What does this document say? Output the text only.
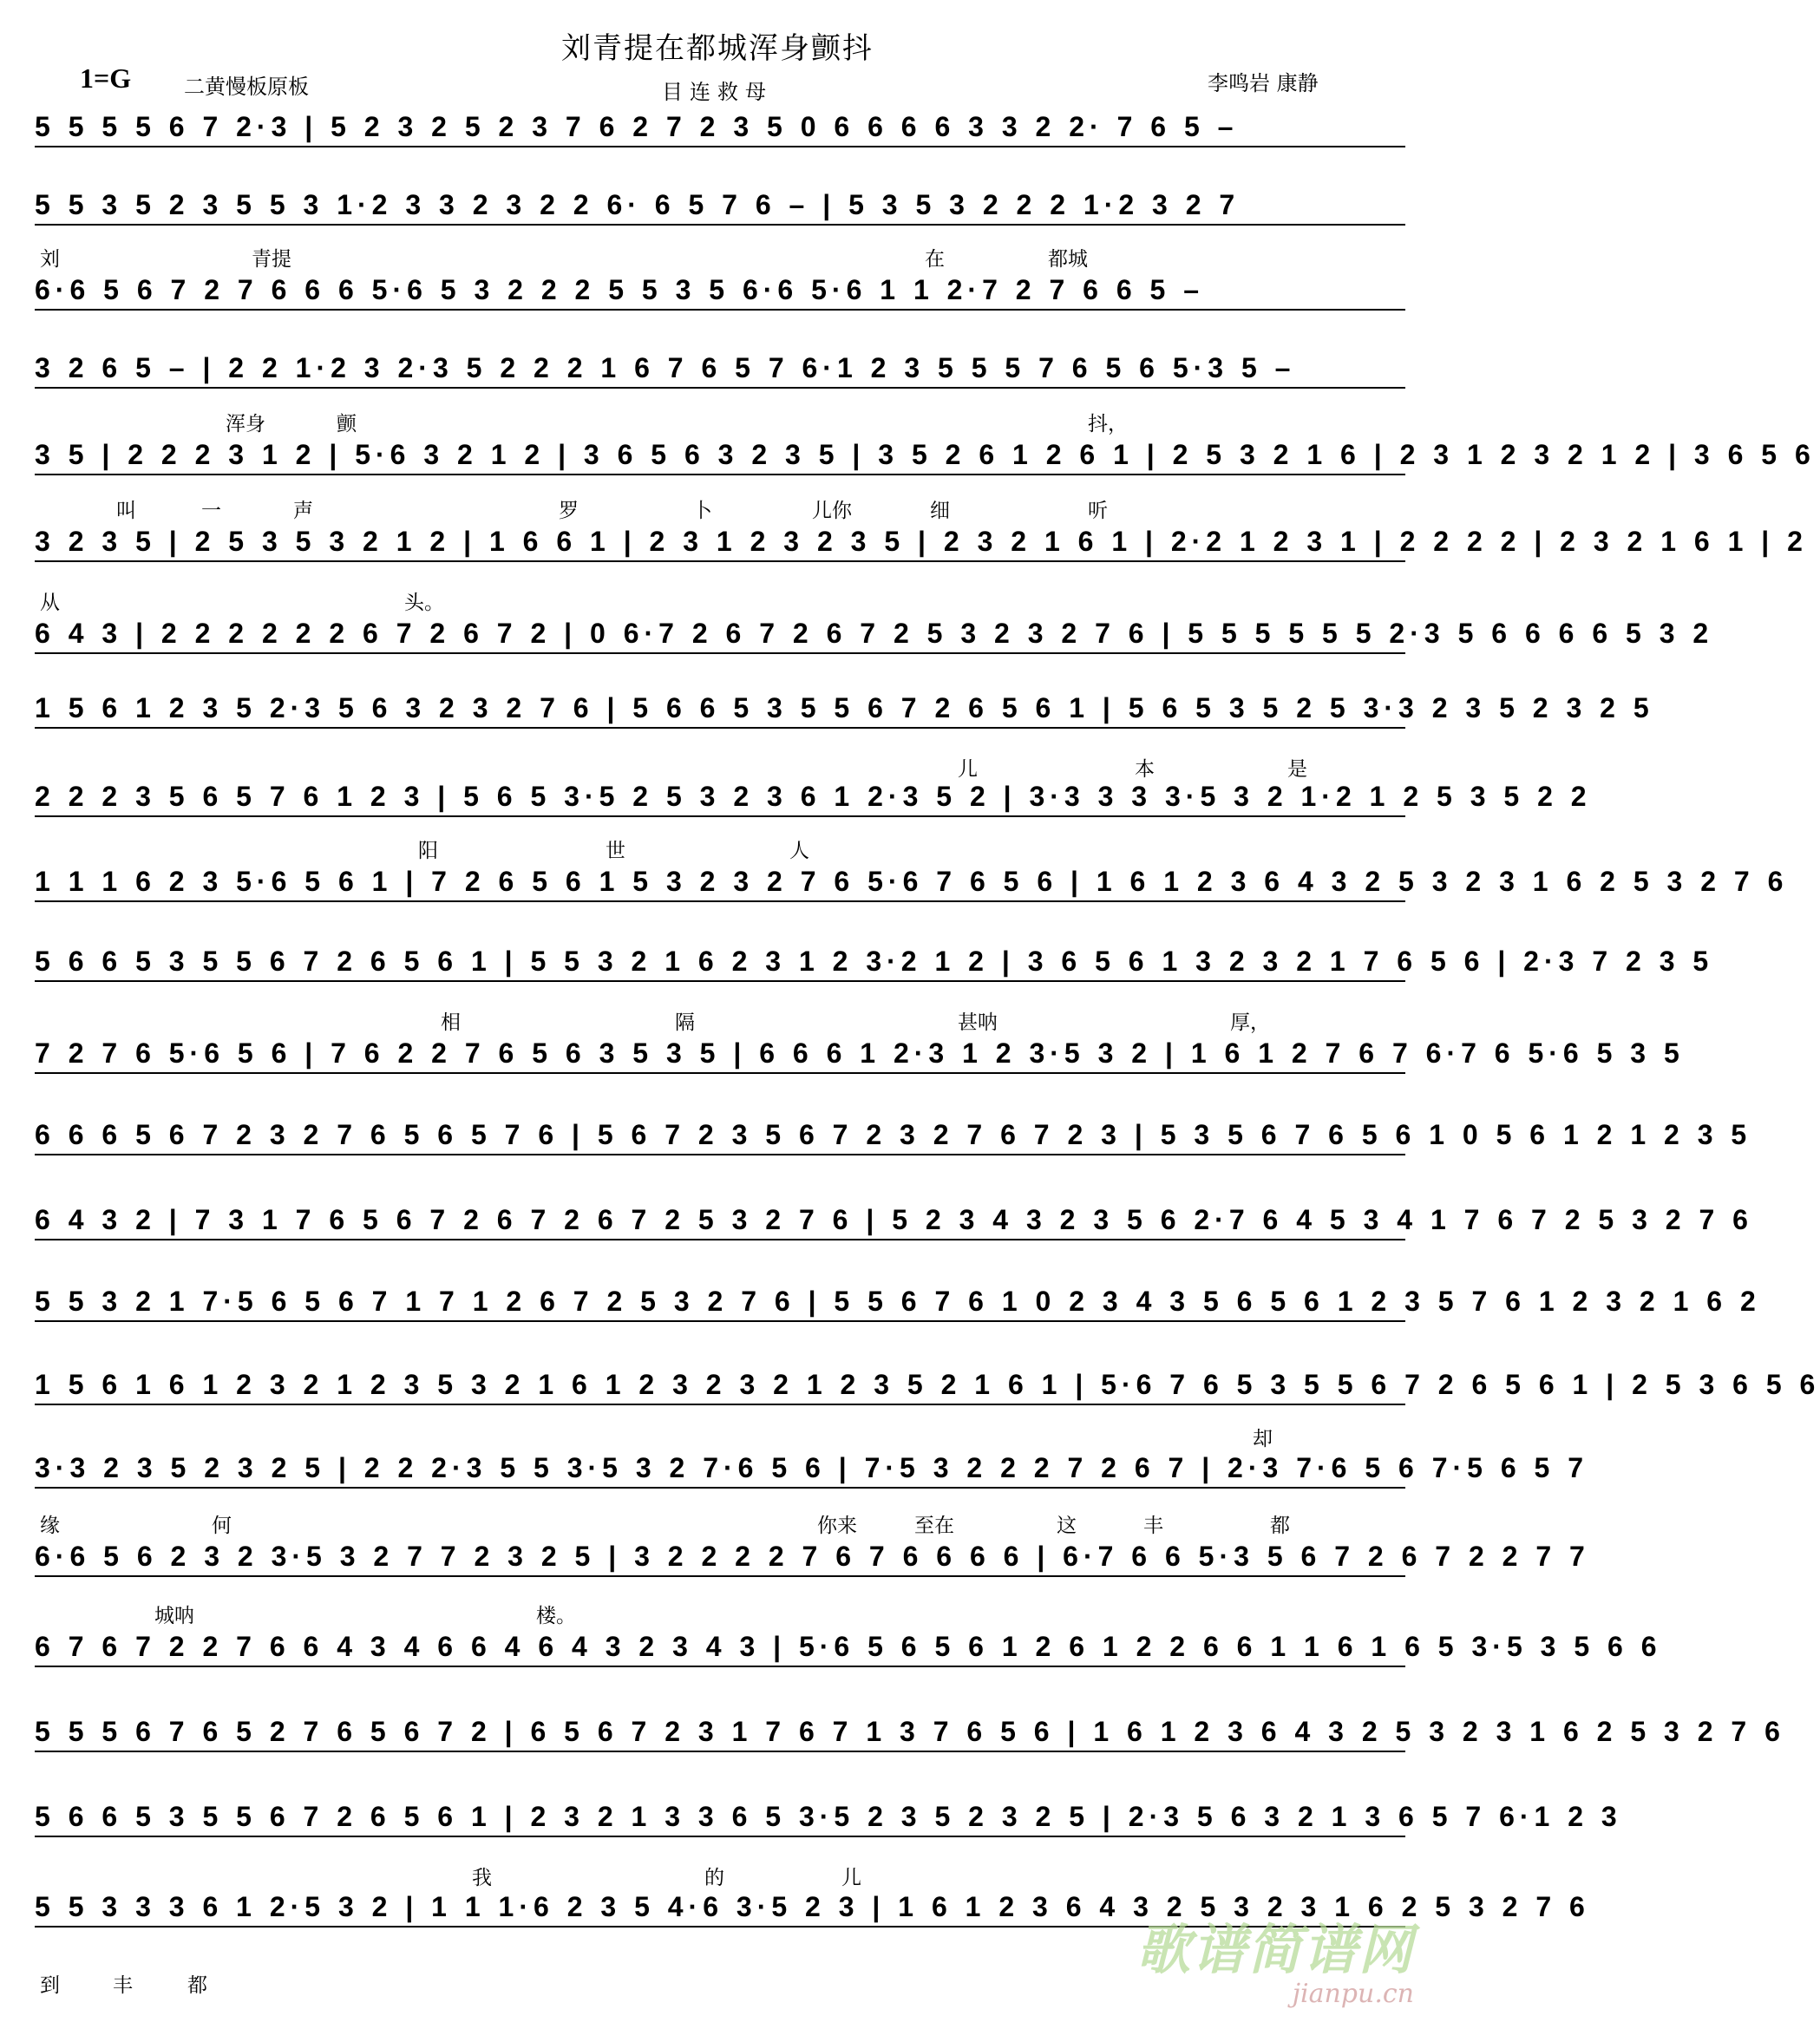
刘青提在都城浑身颤抖
目连救母
1=G	二黄慢板原板	李鸣岩 康静
5 5 5 5 6 7 2·3 | 5 2 3 2 5 2 3 7 6 2 7 2 3 5 0 6 6 6 6 3 3 2 2· 7 6 5 –
5 5 3 5 2 3 5 5 3 1·2 3 3 2 3 2 2 6· 6 5 7 6 – | 5 3 5 3 2 2 2 1·2 3 2 7
刘	青提	在	都城
6·6 5 6 7 2 7 6 6 6 5·6 5 3 2 2 2 5 5 3 5 6·6 5·6 1 1 2·7 2 7 6 6 5 –
3 2 6 5 – | 2 2 1·2 3 2·3 5 2 2 2 1 6 7 6 5 7 6·1 2 3 5 5 5 7 6 5 6 5·3 5 –
浑身	颤	抖，
3 5 | 2 2 2 3 1 2 | 5·6 3 2 1 2 | 3 6 5 6 3 2 3 5 | 3 5 2 6 1 2 6 1 | 2 5 3 2 1 6 | 2 3 1 2 3 2 1 2 | 3 6 5 6
叫	一	声	罗	卜	儿你	细	听
3 2 3 5 | 2 5 3 5 3 2 1 2 | 1 6 6 1 | 2 3 1 2 3 2 3 5 | 2 3 2 1 6 1 | 2·2 1 2 3 1 | 2 2 2 2 | 2 3 2 1 6 1 | 2
从	头。
6 4 3 | 2 2 2 2 2 2 6 7 2 6 7 2 | 0 6·7 2 6 7 2 6 7 2 5 3 2 3 2 7 6 | 5 5 5 5 5 5 2·3 5 6 6 6 6 5 3 2
1 5 6 1 2 3 5 2·3 5 6 3 2 3 2 7 6 | 5 6 6 5 3 5 5 6 7 2 6 5 6 1 | 5 6 5 3 5 2 5 3·3 2 3 5 2 3 2 5
儿	本	是
2 2 2 3 5 6 5 7 6 1 2 3 | 5 6 5 3·5 2 5 3 2 3 6 1 2·3 5 2 | 3·3 3 3 3·5 3 2 1·2 1 2 5 3 5 2 2
阳	世	人
1 1 1 6 2 3 5·6 5 6 1 | 7 2 6 5 6 1 5 3 2 3 2 7 6 5·6 7 6 5 6 | 1 6 1 2 3 6 4 3 2 5 3 2 3 1 6 2 5 3 2 7 6
5 6 6 5 3 5 5 6 7 2 6 5 6 1 | 5 5 3 2 1 6 2 3 1 2 3·2 1 2 | 3 6 5 6 1 3 2 3 2 1 7 6 5 6 | 2·3 7 2 3 5
相	隔	甚呐	厚，
7 2 7 6 5·6 5 6 | 7 6 2 2 7 6 5 6 3 5 3 5 | 6 6 6 1 2·3 1 2 3·5 3 2 | 1 6 1 2 7 6 7 6·7 6 5·6 5 3 5
6 6 6 5 6 7 2 3 2 7 6 5 6 5 7 6 | 5 6 7 2 3 5 6 7 2 3 2 7 6 7 2 3 | 5 3 5 6 7 6 5 6 1 0 5 6 1 2 1 2 3 5
6 4 3 2 | 7 3 1 7 6 5 6 7 2 6 7 2 6 7 2 5 3 2 7 6 | 5 2 3 4 3 2 3 5 6 2·7 6 4 5 3 4 1 7 6 7 2 5 3 2 7 6
5 5 3 2 1 7·5 6 5 6 7 1 7 1 2 6 7 2 5 3 2 7 6 | 5 5 6 7 6 1 0 2 3 4 3 5 6 5 6 1 2 3 5 7 6 1 2 3 2 1 6 2
1 5 6 1 6 1 2 3 2 1 2 3 5 3 2 1 6 1 2 3 2 3 2 1 2 3 5 2 1 6 1 | 5·6 7 6 5 3 5 5 6 7 2 6 5 6 1 | 2 5 3 6 5 6
却
3·3 2 3 5 2 3 2 5 | 2 2 2·3 5 5 3·5 3 2 7·6 5 6 | 7·5 3 2 2 2 7 2 6 7 | 2·3 7·6 5 6 7·5 6 5 7
缘	何	你来	至在	这	丰	都
6·6 5 6 2 3 2 3·5 3 2 7 7 2 3 2 5 | 3 2 2 2 2 7 6 7 6 6 6 6 | 6·7 6 6 5·3 5 6 7 2 6 7 2 2 7 7
城呐	楼。
6 7 6 7 2 2 7 6 6 4 3 4 6 6 4 6 4 3 2 3 4 3 | 5·6 5 6 5 6 1 2 6 1 2 2 6 6 1 1 6 1 6 5 3·5 3 5 6 6
5 5 5 6 7 6 5 2 7 6 5 6 7 2 | 6 5 6 7 2 3 1 7 6 7 1 3 7 6 5 6 | 1 6 1 2 3 6 4 3 2 5 3 2 3 1 6 2 5 3 2 7 6
5 6 6 5 3 5 5 6 7 2 6 5 6 1 | 2 3 2 1 3 3 6 5 3·5 2 3 5 2 3 2 5 | 2·3 5 6 3 2 1 3 6 5 7 6·1 2 3
我	的	儿
5 5 3 3 3 6 1 2·5 3 2 | 1 1 1·6 2 3 5 4·6 3·5 2 3 | 1 6 1 2 3 6 4 3 2 5 3 2 3 1 6 2 5 3 2 7 6
到	丰	都
歌谱简谱网
jianpu.cn
